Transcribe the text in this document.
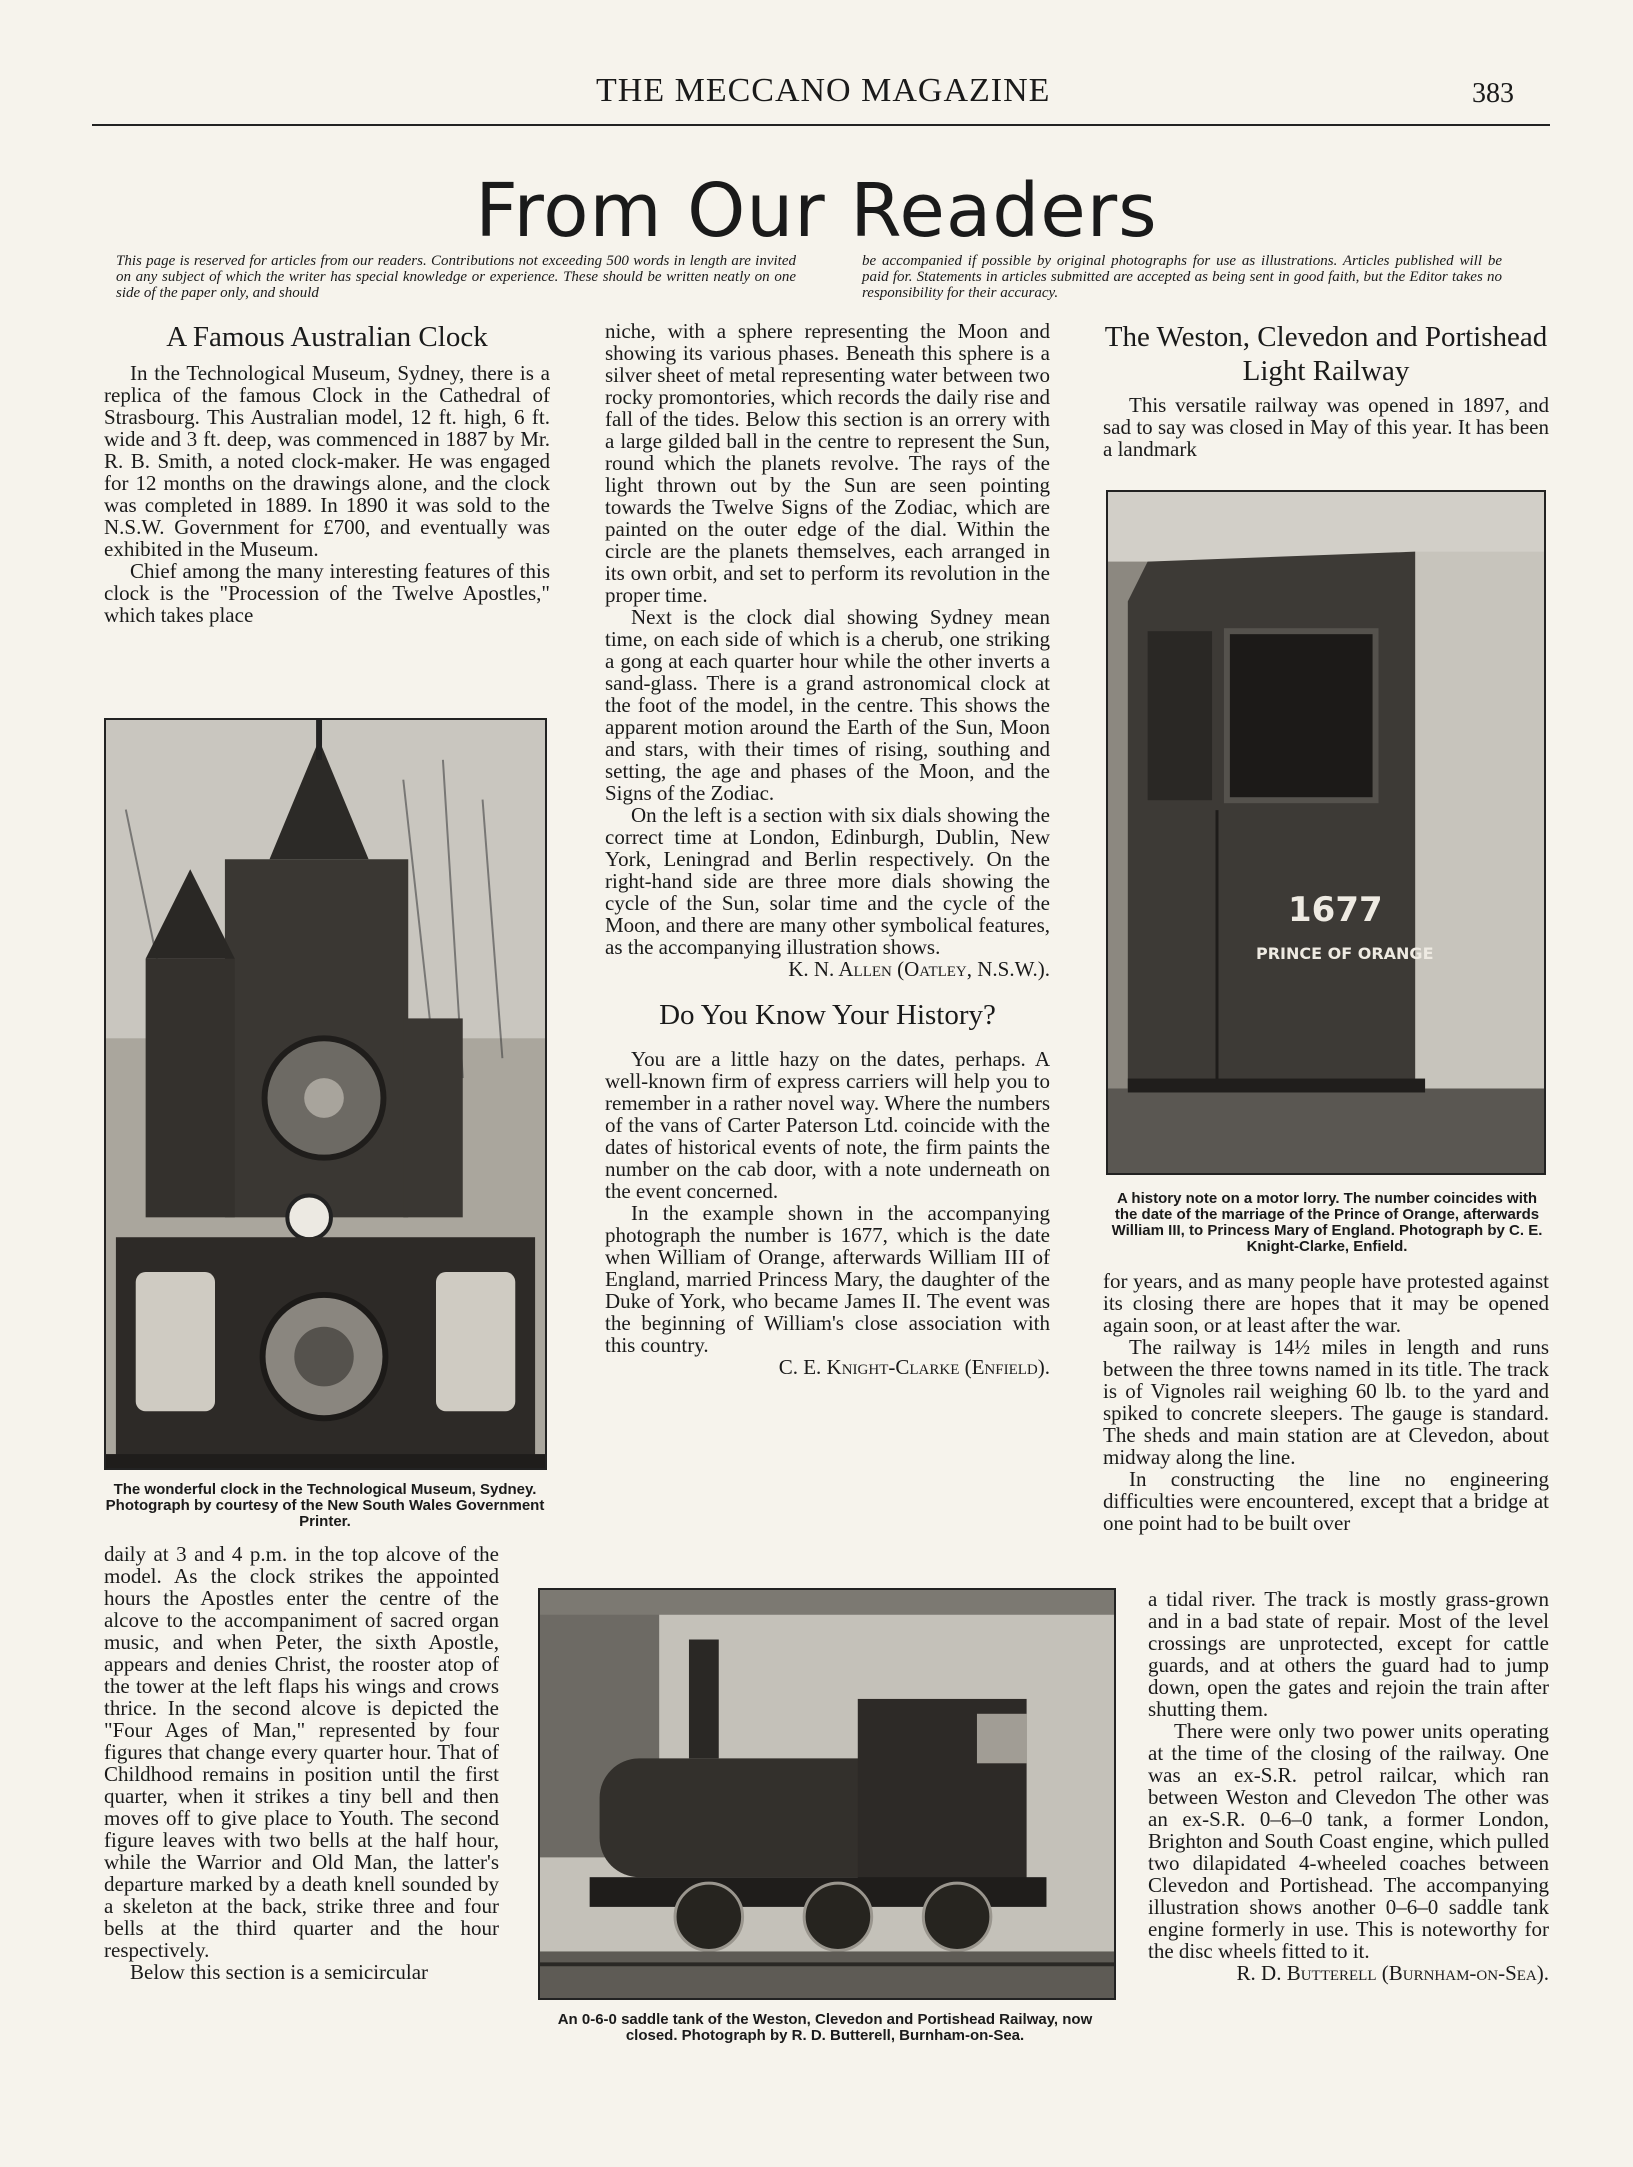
THE MECCANO MAGAZINE	383
From Our Readers
This page is reserved for articles from our readers. Contributions not exceeding 500 words in length are invited on any subject of which the writer has special knowledge or experience. These should be written neatly on one side of the paper only, and should
be accompanied if possible by original photographs for use as illustrations. Articles published will be paid for. Statements in articles submitted are accepted as being sent in good faith, but the Editor takes no responsibility for their accuracy.
A Famous Australian Clock

In the Technological Museum, Sydney, there is a replica of the famous Clock in the Cathedral of Strasbourg. This Australian model, 12 ft. high, 6 ft. wide and 3 ft. deep, was commenced in 1887 by Mr. R. B. Smith, a noted clock-maker. He was engaged for 12 months on the drawings alone, and the clock was completed in 1889. In 1890 it was sold to the N.S.W. Government for £700, and eventually was exhibited in the Museum.

Chief among the many interesting features of this clock is the "Procession of the Twelve Apostles," which takes place

The wonderful clock in the Technological Museum, Sydney. Photograph by courtesy of the New South Wales Government Printer.

daily at 3 and 4 p.m. in the top alcove of the model. As the clock strikes the appointed hours the Apostles enter the centre of the alcove to the accompaniment of sacred organ music, and when Peter, the sixth Apostle, appears and denies Christ, the rooster atop of the tower at the left flaps his wings and crows thrice. In the second alcove is depicted the "Four Ages of Man," represented by four figures that change every quarter hour. That of Childhood remains in position until the first quarter, when it strikes a tiny bell and then moves off to give place to Youth. The second figure leaves with two bells at the half hour, while the Warrior and Old Man, the latter's departure marked by a death knell sounded by a skeleton at the back, strike three and four bells at the third quarter and the hour respectively.

Below this section is a semicircular

niche, with a sphere representing the Moon and showing its various phases. Beneath this sphere is a silver sheet of metal representing water between two rocky promontories, which records the daily rise and fall of the tides. Below this section is an orrery with a large gilded ball in the centre to represent the Sun, round which the planets revolve. The rays of the light thrown out by the Sun are seen pointing towards the Twelve Signs of the Zodiac, which are painted on the outer edge of the dial. Within the circle are the planets themselves, each arranged in its own orbit, and set to perform its revolution in the proper time.

Next is the clock dial showing Sydney mean time, on each side of which is a cherub, one striking a gong at each quarter hour while the other inverts a sand-glass. There is a grand astronomical clock at the foot of the model, in the centre. This shows the apparent motion around the Earth of the Sun, Moon and stars, with their times of rising, southing and setting, the age and phases of the Moon, and the Signs of the Zodiac.

On the left is a section with six dials showing the correct time at London, Edinburgh, Dublin, New York, Leningrad and Berlin respectively. On the right-hand side are three more dials showing the cycle of the Sun, solar time and the cycle of the Moon, and there are many other symbolical features, as the accompanying illustration shows.

K. N. Allen (Oatley, N.S.W.).
Do You Know Your History?

You are a little hazy on the dates, perhaps. A well-known firm of express carriers will help you to remember in a rather novel way. Where the numbers of the vans of Carter Paterson Ltd. coincide with the dates of historical events of note, the firm paints the number on the cab door, with a note underneath on the event concerned.

In the example shown in the accompanying photograph the number is 1677, which is the date when William of Orange, afterwards William III of England, married Princess Mary, the daughter of the Duke of York, who became James II. The event was the beginning of William's close association with this country.

C. E. Knight-Clarke (Enfield).
The Weston, Clevedon and Portishead Light Railway

This versatile railway was opened in 1897, and sad to say was closed in May of this year. It has been a landmark

1677
PRINCE OF ORANGE
A history note on a motor lorry. The number coincides with the date of the marriage of the Prince of Orange, afterwards William III, to Princess Mary of England. Photograph by C. E. Knight-Clarke, Enfield.

for years, and as many people have protested against its closing there are hopes that it may be opened again soon, or at least after the war.

The railway is 14½ miles in length and runs between the three towns named in its title. The track is of Vignoles rail weighing 60 lb. to the yard and spiked to concrete sleepers. The gauge is standard. The sheds and main station are at Clevedon, about midway along the line.

In constructing the line no engineering difficulties were encountered, except that a bridge at one point had to be built over

An 0-6-0 saddle tank of the Weston, Clevedon and Portishead Railway, now closed. Photograph by R. D. Butterell, Burnham-on-Sea.

a tidal river. The track is mostly grass-grown and in a bad state of repair. Most of the level crossings are unprotected, except for cattle guards, and at others the guard had to jump down, open the gates and rejoin the train after shutting them.

There were only two power units operating at the time of the closing of the railway. One was an ex-S.R. petrol railcar, which ran between Weston and Clevedon The other was an ex-S.R. 0–6–0 tank, a former London, Brighton and South Coast engine, which pulled two dilapidated 4-wheeled coaches between Clevedon and Portishead. The accompanying illustration shows another 0–6–0 saddle tank engine formerly in use. This is noteworthy for the disc wheels fitted to it.

R. D. Butterell (Burnham-on-Sea).
